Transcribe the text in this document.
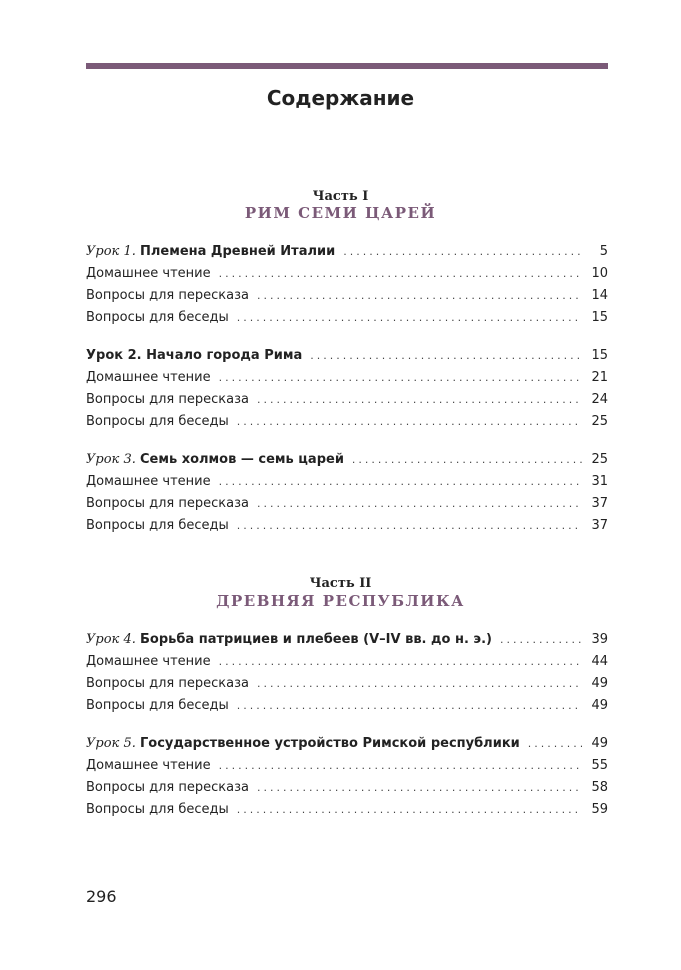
Содержание
Часть I
РИМ СЕМИ ЦАРЕЙ
Урок 1. Племена Древней Италии .....	5
Домашнее чтение .....	10
Вопросы для пересказа .....	14
Вопросы для беседы .....	15
Урок 2. Начало города Рима .....	15
Домашнее чтение .....	21
Вопросы для пересказа .....	24
Вопросы для беседы .....	25
Урок 3. Семь холмов — семь царей .....	25
Домашнее чтение .....	31
Вопросы для пересказа .....	37
Вопросы для беседы .....	37
Часть II
ДРЕВНЯЯ РЕСПУБЛИКА
Урок 4. Борьба патрициев и плебеев (V–IV вв. до н. э.) .....	39
Домашнее чтение .....	44
Вопросы для пересказа .....	49
Вопросы для беседы .....	49
Урок 5. Государственное устройство Римской республики .....	49
Домашнее чтение .....	55
Вопросы для пересказа .....	58
Вопросы для беседы .....	59
296
